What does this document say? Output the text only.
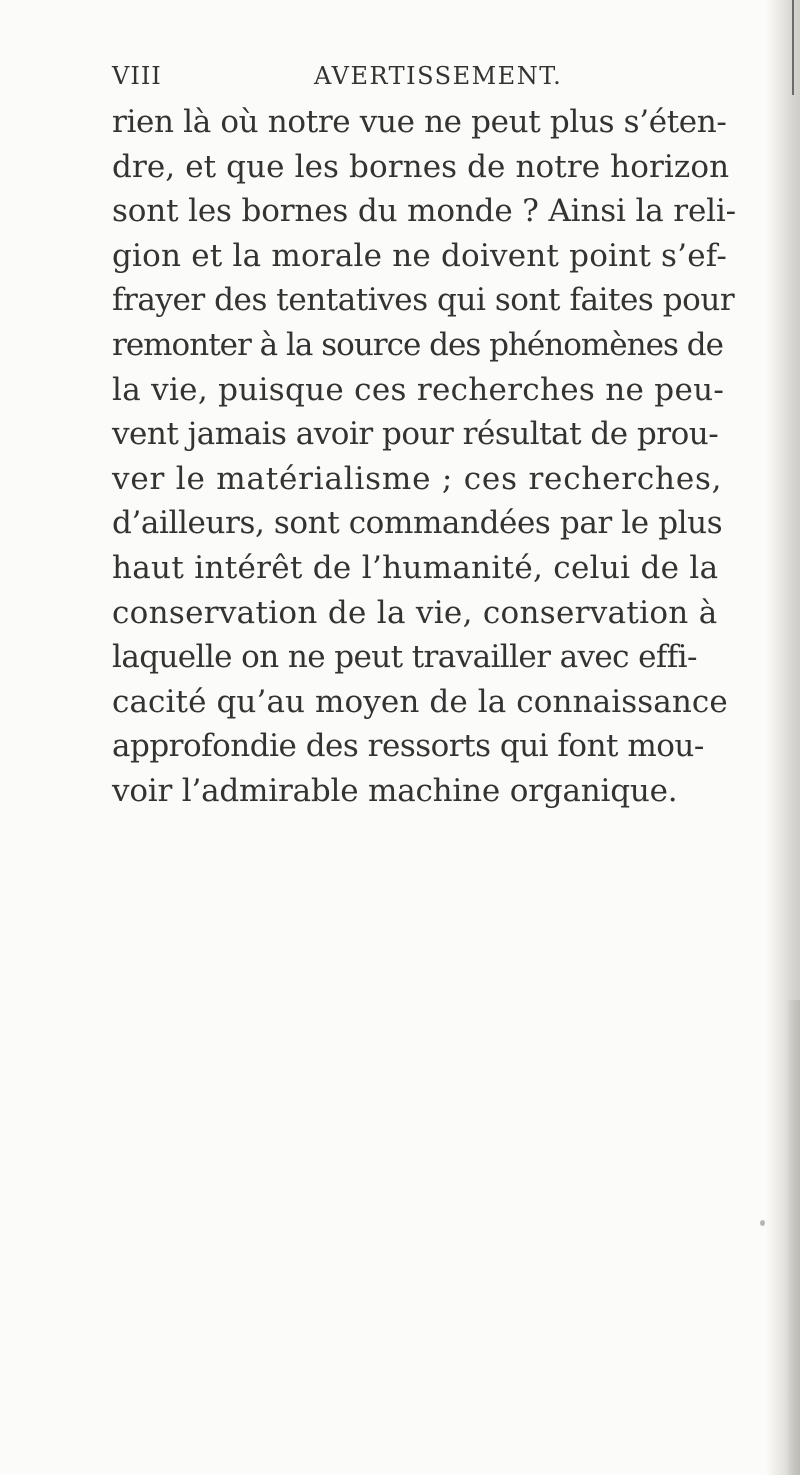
VIII	AVERTISSEMENT.
rien là où notre vue ne peut plus s’éten-
dre, et que les bornes de notre horizon
sont les bornes du monde ? Ainsi la reli-
gion et la morale ne doivent point s’ef-
frayer des tentatives qui sont faites pour
remonter à la source des phénomènes de
la vie, puisque ces recherches ne peu-
vent jamais avoir pour résultat de prou-
ver le matérialisme ; ces recherches,
d’ailleurs, sont commandées par le plus
haut intérêt de l’humanité, celui de la
conservation de la vie, conservation à
laquelle on ne peut travailler avec effi-
cacité qu’au moyen de la connaissance
approfondie des ressorts qui font mou-
voir l’admirable machine organique.
